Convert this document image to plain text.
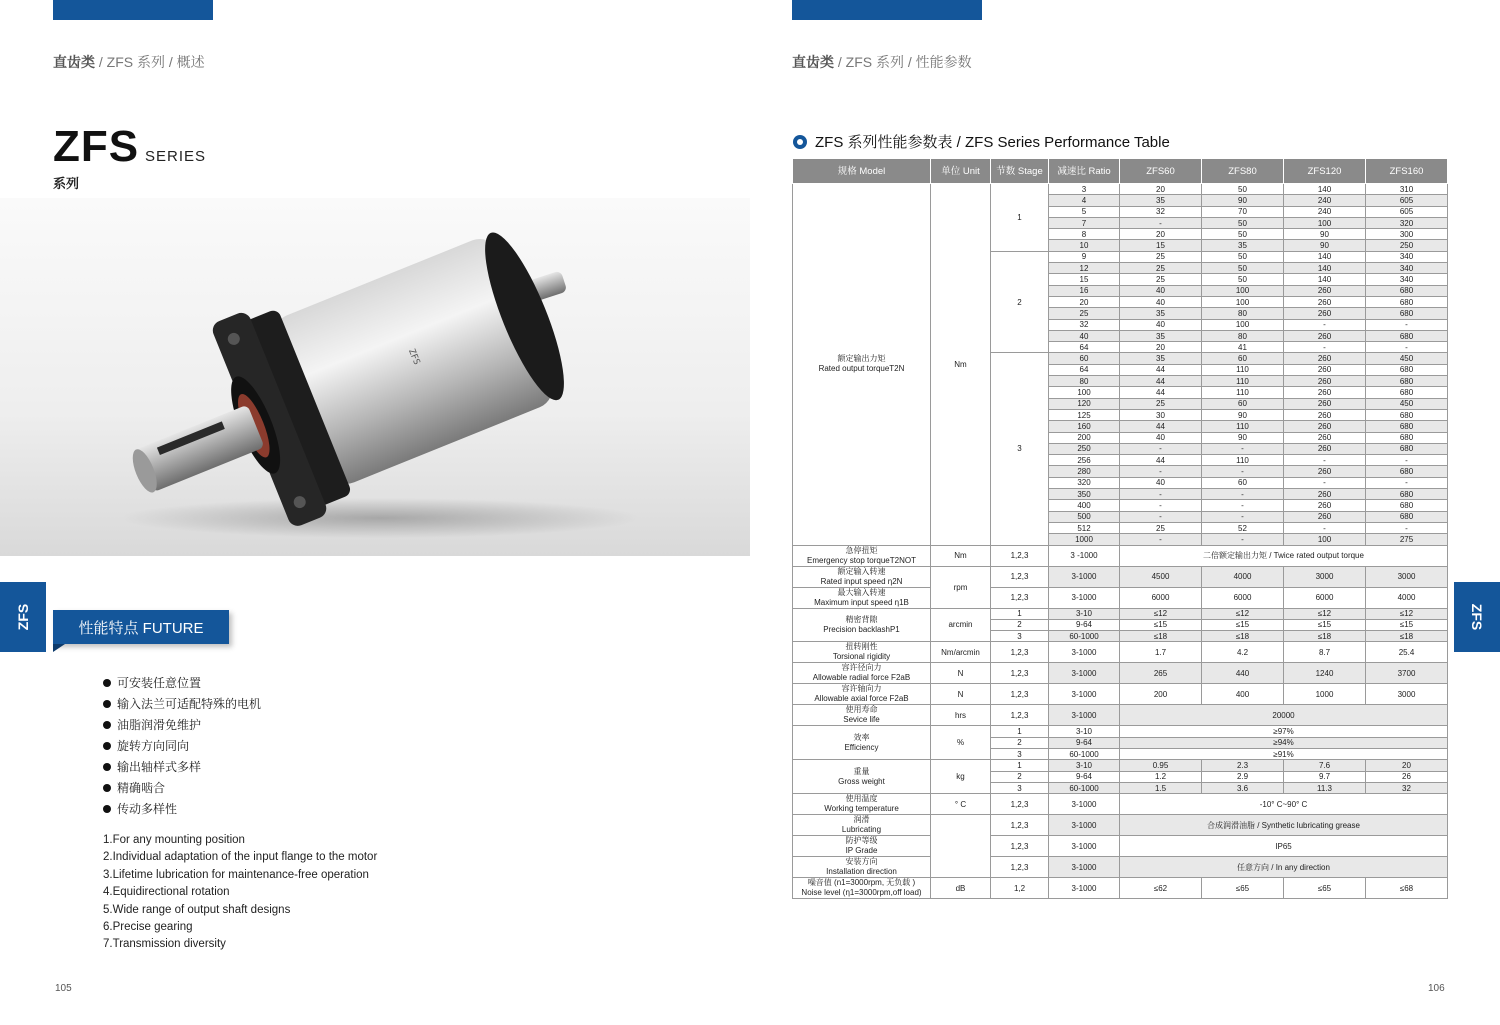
直齿类 / ZFS 系列 / 概述
ZFS SERIES
系列
ZFS
ZFS	性能特点 FUTURE
可安装任意位置
输入法兰可适配特殊的电机
油脂润滑免维护
旋转方向同向
输出轴样式多样
精确啮合
传动多样性
1.For any mounting position
2.Individual adaptation of the input flange to the motor
3.Lifetime lubrication for maintenance-free operation
4.Equidirectional rotation
5.Wide range of output shaft designs
6.Precise gearing
7.Transmission diversity
105
直齿类 / ZFS 系列 / 性能参数
ZFS 系列性能参数表 / ZFS Series Performance Table
规格 Model	单位 Unit	节数 Stage	减速比 Ratio	ZFS60	ZFS80	ZFS120	ZFS160

额定输出力矩
Rated output torqueT2N	Nm	1	3	20	50	140	310
			4	35	90	240	605
			5	32	70	240	605
			7	-	50	100	320
			8	20	50	90	300
			10	15	35	90	250
		2	9	25	50	140	340
			12	25	50	140	340
			15	25	50	140	340
			16	40	100	260	680
			20	40	100	260	680
			25	35	80	260	680
			32	40	100	-	-
			40	35	80	260	680
			64	20	41	-	-
		3	60	35	60	260	450
			64	44	110	260	680
			80	44	110	260	680
			100	44	110	260	680
			120	25	60	260	450
			125	30	90	260	680
			160	44	110	260	680
			200	40	90	260	680
			250	-	-	260	680
			256	44	110	-	-
			280	-	-	260	680
			320	40	60	-	-
			350	-	-	260	680
			400	-	-	260	680
			500	-	-	260	680
			512	25	52	-	-
			1000	-	-	100	275

急停扭矩
Emergency stop torqueT2NOT	Nm	1,2,3	3 -1000	二倍额定输出力矩 / Twice rated output torque			

额定输入转速
Rated input speed η2N	rpm	1,2,3	3-1000	4500	4000	3000	3000

最大输入转速
Maximum input speed η1B		1,2,3	3-1000	6000	6000	6000	4000

精密背隙
Precision backlashP1	arcmin	1	3-10	≤12	≤12	≤12	≤12
		2	9-64	≤15	≤15	≤15	≤15
		3	60-1000	≤18	≤18	≤18	≤18

扭转刚性
Torsional rigidity	Nm/arcmin	1,2,3	3-1000	1.7	4.2	8.7	25.4

容许径向力
Allowable radial force F2aB	N	1,2,3	3-1000	265	440	1240	3700

容许轴向力
Allowable axial force F2aB	N	1,2,3	3-1000	200	400	1000	3000

使用寿命
Sevice life	hrs	1,2,3	3-1000	20000			

效率
Efficiency	%	1	3-10	≥97%			
		2	9-64	≥94%			
		3	60-1000	≥91%			

重量
Gross weight	kg	1	3-10	0.95	2.3	7.6	20
		2	9-64	1.2	2.9	9.7	26
		3	60-1000	1.5	3.6	11.3	32

使用温度
Working temperature	° C	1,2,3	3-1000	-10° C~90° C			

润滑
Lubricating		1,2,3	3-1000	合成润滑油脂 / Synthetic lubricating grease			

防护等级
IP Grade		1,2,3	3-1000	IP65			

安装方向
Installation direction		1,2,3	3-1000	任意方向 / In any direction			

噪音值 (n1=3000rpm, 无负载 )
Noise level (η1=3000rpm,off load)	dB	1,2	3-1000	≤62	≤65	≤65	≤68
ZFS
106
